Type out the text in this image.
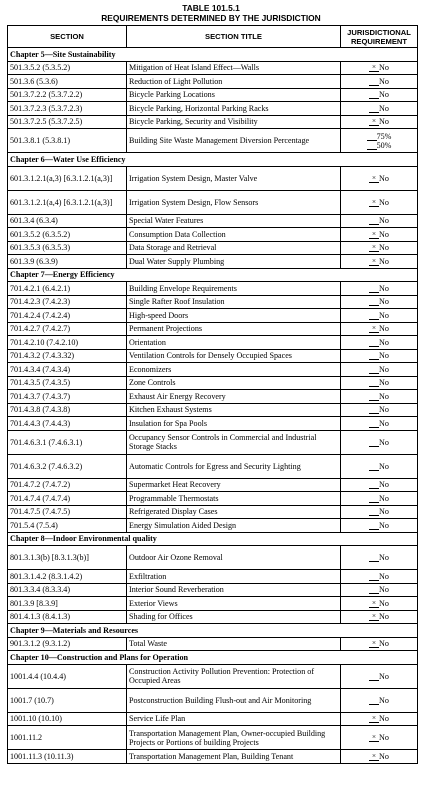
TABLE 101.5.1
REQUIREMENTS DETERMINED BY THE JURISDICTION
SECTION	SECTION TITLE	JURISDICTIONAL REQUIREMENT
Chapter 5—Site Sustainability		
501.3.5.2 (5.3.5.2)	Mitigation of Heat Island Effect—Walls	× No
501.3.6 (5.3.6)	Reduction of Light Pollution	No
501.3.7.2.2 (5.3.7.2.2)	Bicycle Parking Locations	No
501.3.7.2.3 (5.3.7.2.3)	Bicycle Parking, Horizontal Parking Racks	No
501.3.7.2.5 (5.3.7.2.5)	Bicycle Parking, Security and Visibility	× No
501.3.8.1 (5.3.8.1)	Building Site Waste Management Diversion Percentage	75%
50%

Chapter 6—Water Use Efficiency		
601.3.1.2.1(a,3) [6.3.1.2.1(a,3)]	Irrigation System Design, Master Valve	× No
601.3.1.2.1(a,4) [6.3.1.2.1(a,3)]	Irrigation System Design, Flow Sensors	× No
601.3.4 (6.3.4)	Special Water Features	No
601.3.5.2 (6.3.5.2)	Consumption Data Collection	× No
601.3.5.3 (6.3.5.3)	Data Storage and Retrieval	× No
601.3.9 (6.3.9)	Dual Water Supply Plumbing	× No
Chapter 7—Energy Efficiency		
701.4.2.1 (6.4.2.1)	Building Envelope Requirements	No
701.4.2.3 (7.4.2.3)	Single Rafter Roof Insulation	No
701.4.2.4 (7.4.2.4)	High-speed Doors	No
701.4.2.7 (7.4.2.7)	Permanent Projections	× No
701.4.2.10 (7.4.2.10)	Orientation	No
701.4.3.2 (7.4.3.32)	Ventilation Controls for Densely Occupied Spaces	No
701.4.3.4 (7.4.3.4)	Economizers	No
701.4.3.5 (7.4.3.5)	Zone Controls	No
701.4.3.7 (7.4.3.7)	Exhaust Air Energy Recovery	No
701.4.3.8 (7.4.3.8)	Kitchen Exhaust Systems	No
701.4.4.3 (7.4.4.3)	Insulation for Spa Pools	No
701.4.6.3.1 (7.4.6.3.1)	Occupancy Sensor Controls in Commercial and Industrial Storage Stacks	No
701.4.6.3.2 (7.4.6.3.2)	Automatic Controls for Egress and Security Lighting	No
701.4.7.2 (7.4.7.2)	Supermarket Heat Recovery	No
701.4.7.4 (7.4.7.4)	Programmable Thermostats	No
701.4.7.5 (7.4.7.5)	Refrigerated Display Cases	No
701.5.4 (7.5.4)	Energy Simulation Aided Design	No
Chapter 8—Indoor Environmental quality		
801.3.1.3(b) [8.3.1.3(b)]	Outdoor Air Ozone Removal	No
801.3.1.4.2 (8.3.1.4.2)	Exfiltration	No
801.3.3.4 (8.3.3.4)	Interior Sound Reverberation	No
801.3.9 [8.3.9]	Exterior Views	× No
801.4.1.3 (8.4.1.3)	Shading for Offices	× No
Chapter 9—Materials and Resources		
901.3.1.2 (9.3.1.2)	Total Waste	× No
Chapter 10—Construction and Plans for Operation		
1001.4.4 (10.4.4)	Construction Activity Pollution Prevention: Protection of Occupied Areas	No
1001.7 (10.7)	Postconstruction Building Flush-out and Air Monitoring	No
1001.10 (10.10)	Service Life Plan	× No
1001.11.2	Transportation Management Plan, Owner-occupied Building Projects or Portions of building Projects	× No
1001.11.3 (10.11.3)	Transportation Management Plan, Building Tenant	× No
